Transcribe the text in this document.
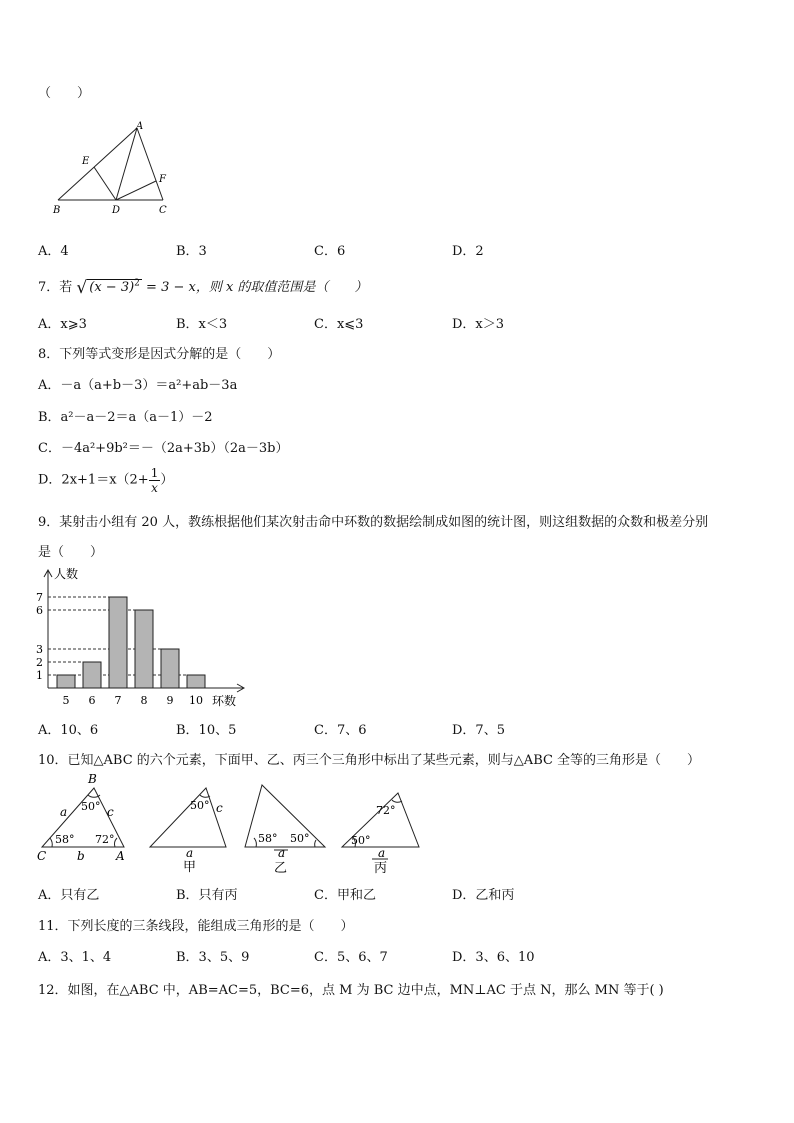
（　　）
A
E
F
B	D	C
A．4	B．3	C．6	D．2
7．若 √ $(x - 3)^2 = 3 - x$，则 x 的取值范围是（　　）
A．x⩾3	B．x＜3	C．x⩽3	D．x＞3
8．下列等式变形是因式分解的是（　　）
A．－a（a+b－3）＝a²+ab－3a
B．a²－a－2＝a（a－1）－2
C．－4a²+9b²＝－（2a+3b）（2a－3b）
D．$2x+1=x(2+ \frac{1}{x}$ ）
9．某射击小组有 20 人，教练根据他们某次射击命中环数的数据绘制成如图的统计图，则这组数据的众数和极差分别
是（　　）
人数
环数
1
2
3
6
7
5 6 7 8 9 10
A．10、6	B．10、5	C．7、6	D．7、5
10．已知△ABC 的六个元素，下面甲、乙、丙三个三角形中标出了某些元素，则与△ABC 全等的三角形是（　　）
B
a	c
50°
58° 72°
C	b	A
50° c
a
甲
58° 50°
a
乙
72°
50°
a
丙
A．只有乙	B．只有丙	C．甲和乙	D．乙和丙
11．下列长度的三条线段，能组成三角形的是（　　）
A．3、1、4	B．3、5、9	C．5、6、7	D．3、6、10
12．如图，在△ABC 中，AB=AC=5，BC=6，点 M 为 BC 边中点，MN⊥AC 于点 N，那么 MN 等于( )
